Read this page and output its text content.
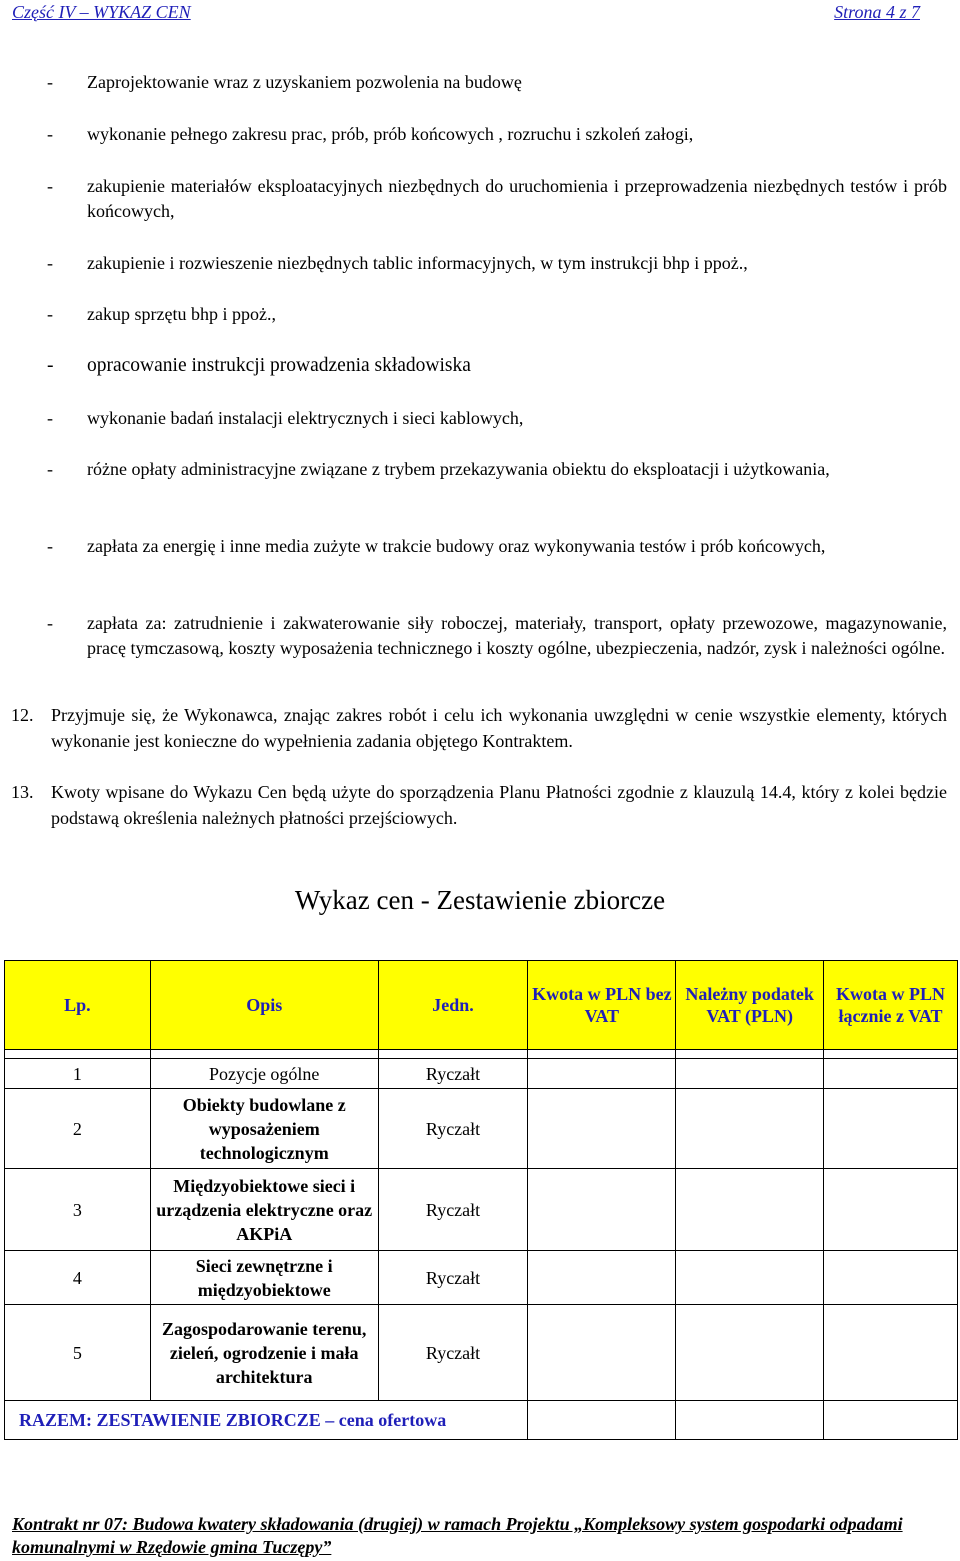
Część IV – WYKAZ CEN	Strona 4 z 7
- Zaprojektowanie wraz z uzyskaniem pozwolenia na budowę
- wykonanie pełnego zakresu prac, prób, prób końcowych , rozruchu i szkoleń załogi,
- zakupienie materiałów eksploatacyjnych niezbędnych do uruchomienia i przeprowadzenia niezbędnych testów i prób końcowych,
- zakupienie i rozwieszenie niezbędnych tablic informacyjnych, w tym instrukcji bhp i ppoż.,
- zakup sprzętu bhp i ppoż.,
- opracowanie instrukcji prowadzenia składowiska
- wykonanie badań instalacji elektrycznych i sieci kablowych,
- różne opłaty administracyjne związane z trybem przekazywania obiektu do eksploatacji i użytkowania,
- zapłata za energię i inne media zużyte w trakcie budowy oraz wykonywania testów i prób końcowych,
- zapłata za: zatrudnienie i zakwaterowanie siły roboczej, materiały, transport, opłaty przewozowe, magazynowanie, pracę tymczasową, koszty wyposażenia technicznego i koszty ogólne, ubezpieczenia, nadzór, zysk i należności ogólne.
12. Przyjmuje się, że Wykonawca, znając zakres robót i celu ich wykonania uwzględni w cenie wszystkie elementy, których wykonanie jest konieczne do wypełnienia zadania objętego Kontraktem.
13. Kwoty wpisane do Wykazu Cen będą użyte do sporządzenia Planu Płatności zgodnie z klauzulą 14.4, który z kolei będzie podstawą określenia należnych płatności przejściowych.
Wykaz cen - Zestawienie zbiorcze
Lp.	Opis	Jedn.	Kwota w PLN bez VAT	Należny podatek VAT (PLN)	Kwota w PLN łącznie z VAT

1	Pozycje ogólne	Ryczałt			
2	Obiekty budowlane z wyposażeniem technologicznym	Ryczałt			
3	Międzyobiektowe sieci i urządzenia elektryczne oraz AKPiA	Ryczałt			
4	Sieci zewnętrzne i międzyobiektowe	Ryczałt			
5	Zagospodarowanie terenu, zieleń, ogrodzenie i mała architektura	Ryczałt			
RAZEM: ZESTAWIENIE ZBIORCZE – cena ofertowa					
Kontrakt nr 07: Budowa kwatery składowania (drugiej) w ramach Projektu „Kompleksowy system gospodarki odpadami komunalnymi w Rzędowie gmina Tuczępy”
